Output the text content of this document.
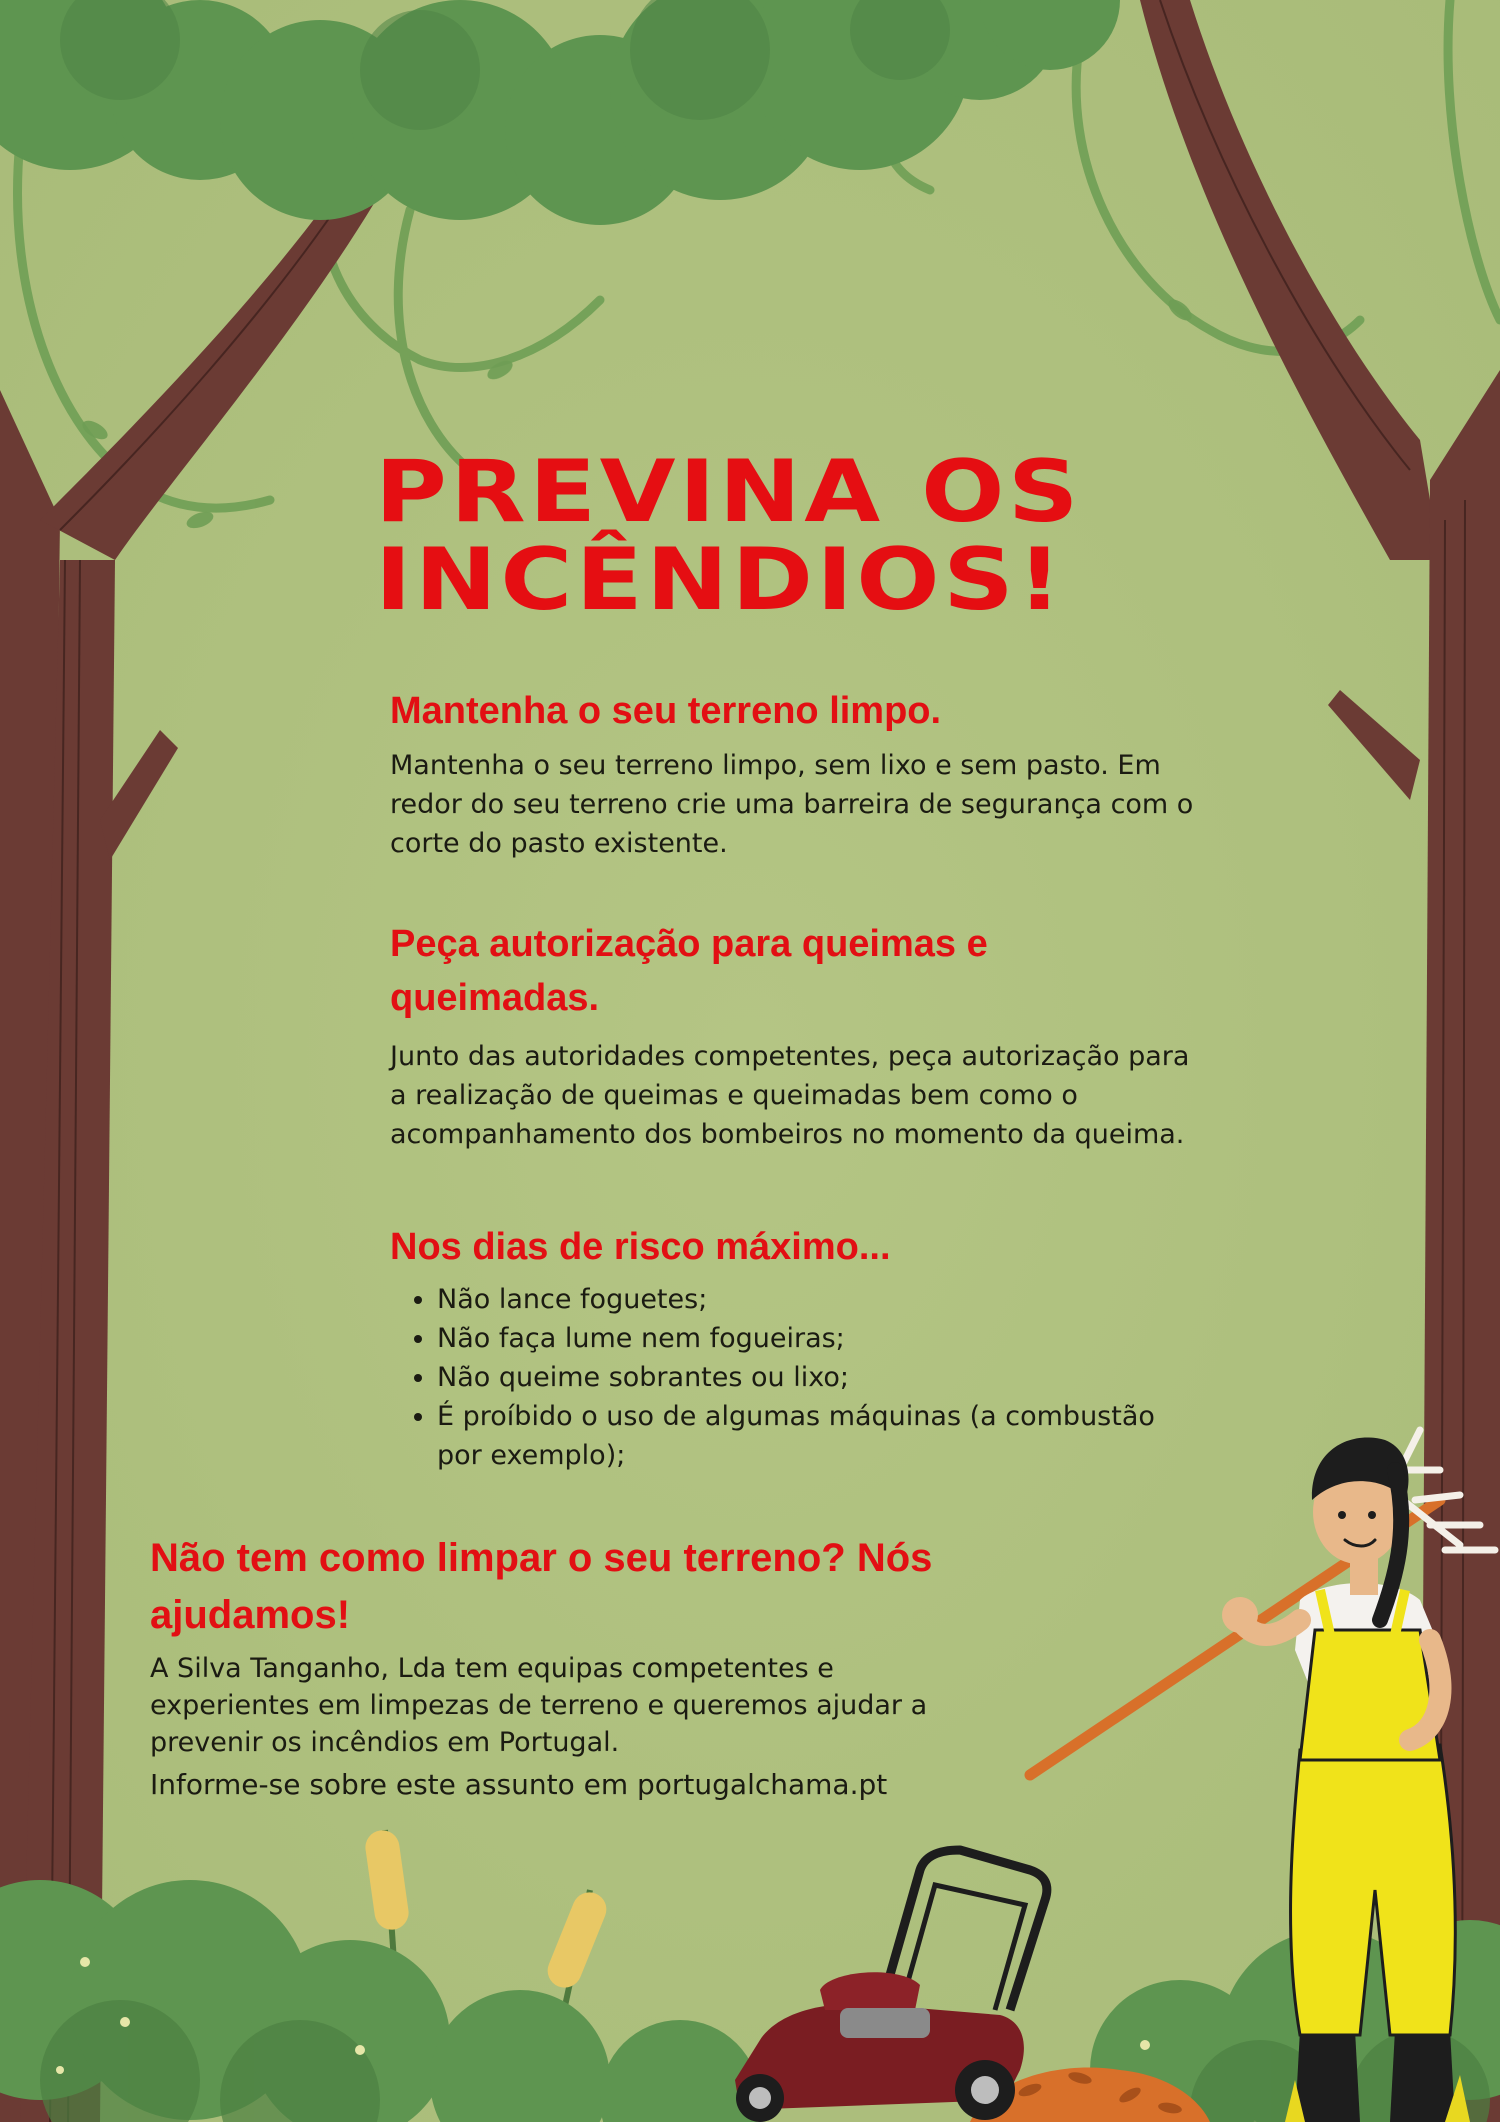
PREVINA OS
INCÊNDIOS!
Mantenha o seu terreno limpo.

Mantenha o seu terreno limpo, sem lixo e sem pasto. Em redor do seu terreno crie uma barreira de segurança com o corte do pasto existente.

Peça autorização para queimas e queimadas.

Junto das autoridades competentes, peça autorização para a realização de queimas e queimadas bem como o acompanhamento dos bombeiros no momento da queima.

Nos dias de risco máximo...
• Não lance foguetes;
• Não faça lume nem fogueiras;
• Não queime sobrantes ou lixo;
• É proíbido o uso de algumas máquinas (a combustão por exemplo);
Não tem como limpar o seu terreno? Nós ajudamos!

A Silva Tanganho, Lda tem equipas competentes e experientes em limpezas de terreno e queremos ajudar a prevenir os incêndios em Portugal.

Informe-se sobre este assunto em portugalchama.pt
